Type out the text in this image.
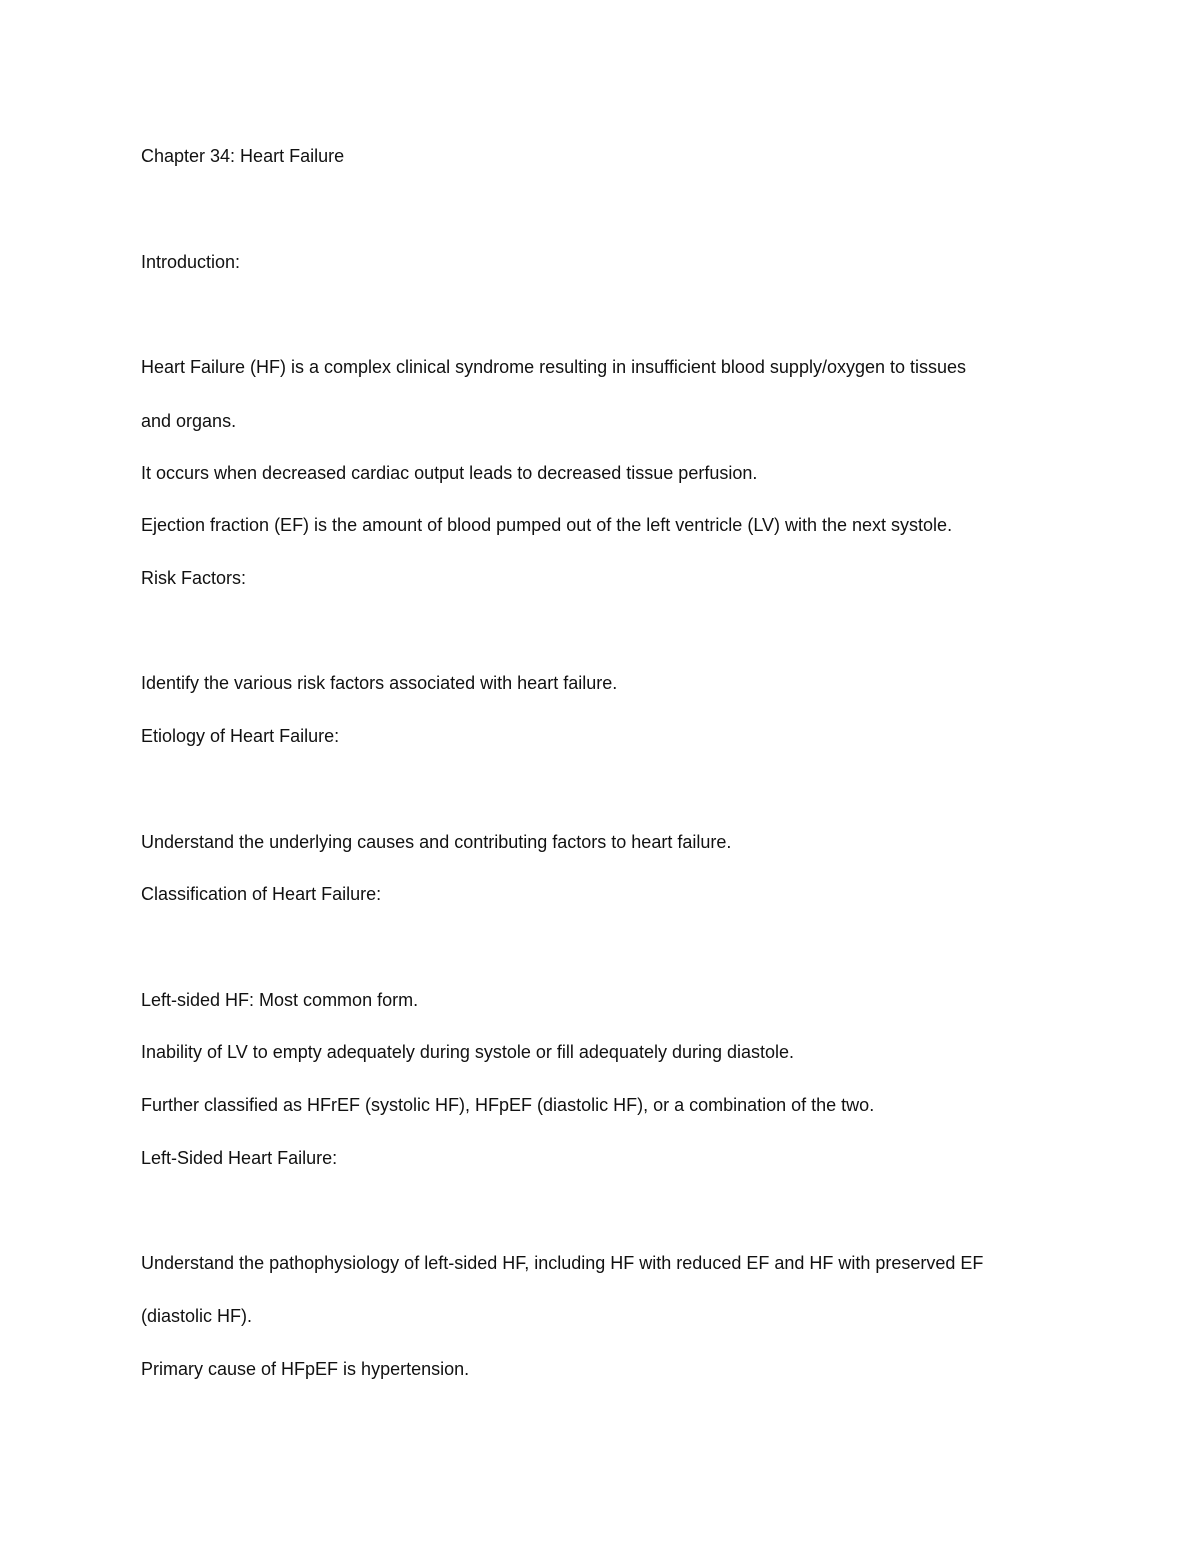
Chapter 34: Heart Failure
Introduction:
Heart Failure (HF) is a complex clinical syndrome resulting in insufficient blood supply/oxygen to tissues
and organs.
It occurs when decreased cardiac output leads to decreased tissue perfusion.
Ejection fraction (EF) is the amount of blood pumped out of the left ventricle (LV) with the next systole.
Risk Factors:
Identify the various risk factors associated with heart failure.
Etiology of Heart Failure:
Understand the underlying causes and contributing factors to heart failure.
Classification of Heart Failure:
Left-sided HF: Most common form.
Inability of LV to empty adequately during systole or fill adequately during diastole.
Further classified as HFrEF (systolic HF), HFpEF (diastolic HF), or a combination of the two.
Left-Sided Heart Failure:
Understand the pathophysiology of left-sided HF, including HF with reduced EF and HF with preserved EF
(diastolic HF).
Primary cause of HFpEF is hypertension.
